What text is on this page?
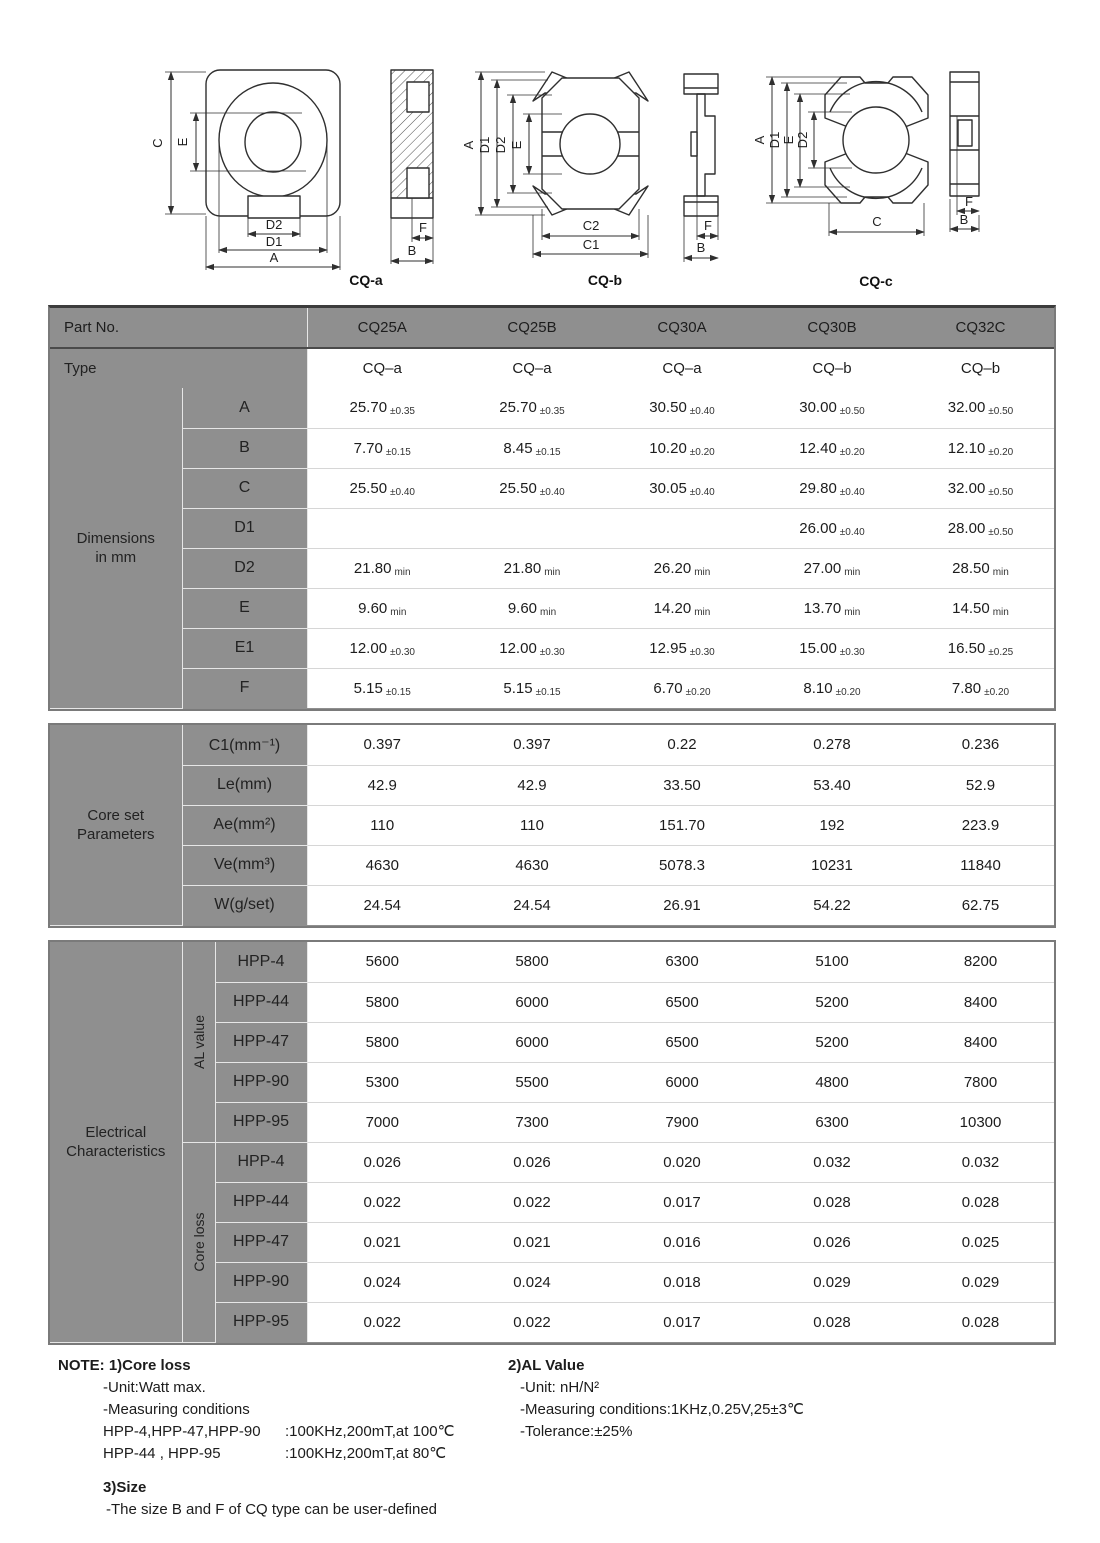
C E
D2
D1
A
F
B
CQ-a
A D1 D2 E
C2
C1
F
B
CQ-b
A D1 E D2
C
F
B
CQ-c
Part No.		CQ25A	CQ25B	CQ30A	CQ30B	CQ32C
Type		CQ–a	CQ–a	CQ–a	CQ–b	CQ–b
Dimensions
in mm	A	25.70 ±0.35	25.70 ±0.35	30.50 ±0.40	30.00 ±0.50	32.00 ±0.50
	B	7.70 ±0.15	8.45 ±0.15	10.20 ±0.20	12.40 ±0.20	12.10 ±0.20
	C	25.50 ±0.40	25.50 ±0.40	30.05 ±0.40	29.80 ±0.40	32.00 ±0.50
	D1				26.00 ±0.40	28.00 ±0.50
	D2	21.80 min	21.80 min	26.20 min	27.00 min	28.50 min
	E	9.60 min	9.60 min	14.20 min	13.70 min	14.50 min
	E1	12.00 ±0.30	12.00 ±0.30	12.95 ±0.30	15.00 ±0.30	16.50 ±0.25
	F	5.15 ±0.15	5.15 ±0.15	6.70 ±0.20	8.10 ±0.20	7.80 ±0.20
Core set
Parameters	C1(mm⁻¹)	0.397	0.397	0.22	0.278	0.236
	Le(mm)	42.9	42.9	33.50	53.40	52.9
	Ae(mm²)	110	110	151.70	192	223.9
	Ve(mm³)	4630	4630	5078.3	10231	11840
	W(g/set)	24.54	24.54	26.91	54.22	62.75
Electrical
Characteristics	AL value	HPP-4	5600	5800	6300	5100	8200
		HPP-44	5800	6000	6500	5200	8400
		HPP-47	5800	6000	6500	5200	8400
		HPP-90	5300	5500	6000	4800	7800
		HPP-95	7000	7300	7900	6300	10300

	Core loss	HPP-4	0.026	0.026	0.020	0.032	0.032
		HPP-44	0.022	0.022	0.017	0.028	0.028
		HPP-47	0.021	0.021	0.016	0.026	0.025
		HPP-90	0.024	0.024	0.018	0.029	0.029
		HPP-95	0.022	0.022	0.017	0.028	0.028
NOTE: 1)Core loss
-Unit:Watt max.
-Measuring conditions
HPP-4,HPP-47,HPP-90	:100KHz,200mT,at 100℃
HPP-44 , HPP-95	:100KHz,200mT,at 80℃
3)Size
-The size B and F of CQ type can be user-defined
2)AL Value
-Unit: nH/N²
-Measuring conditions:1KHz,0.25V,25±3℃
-Tolerance:±25%
